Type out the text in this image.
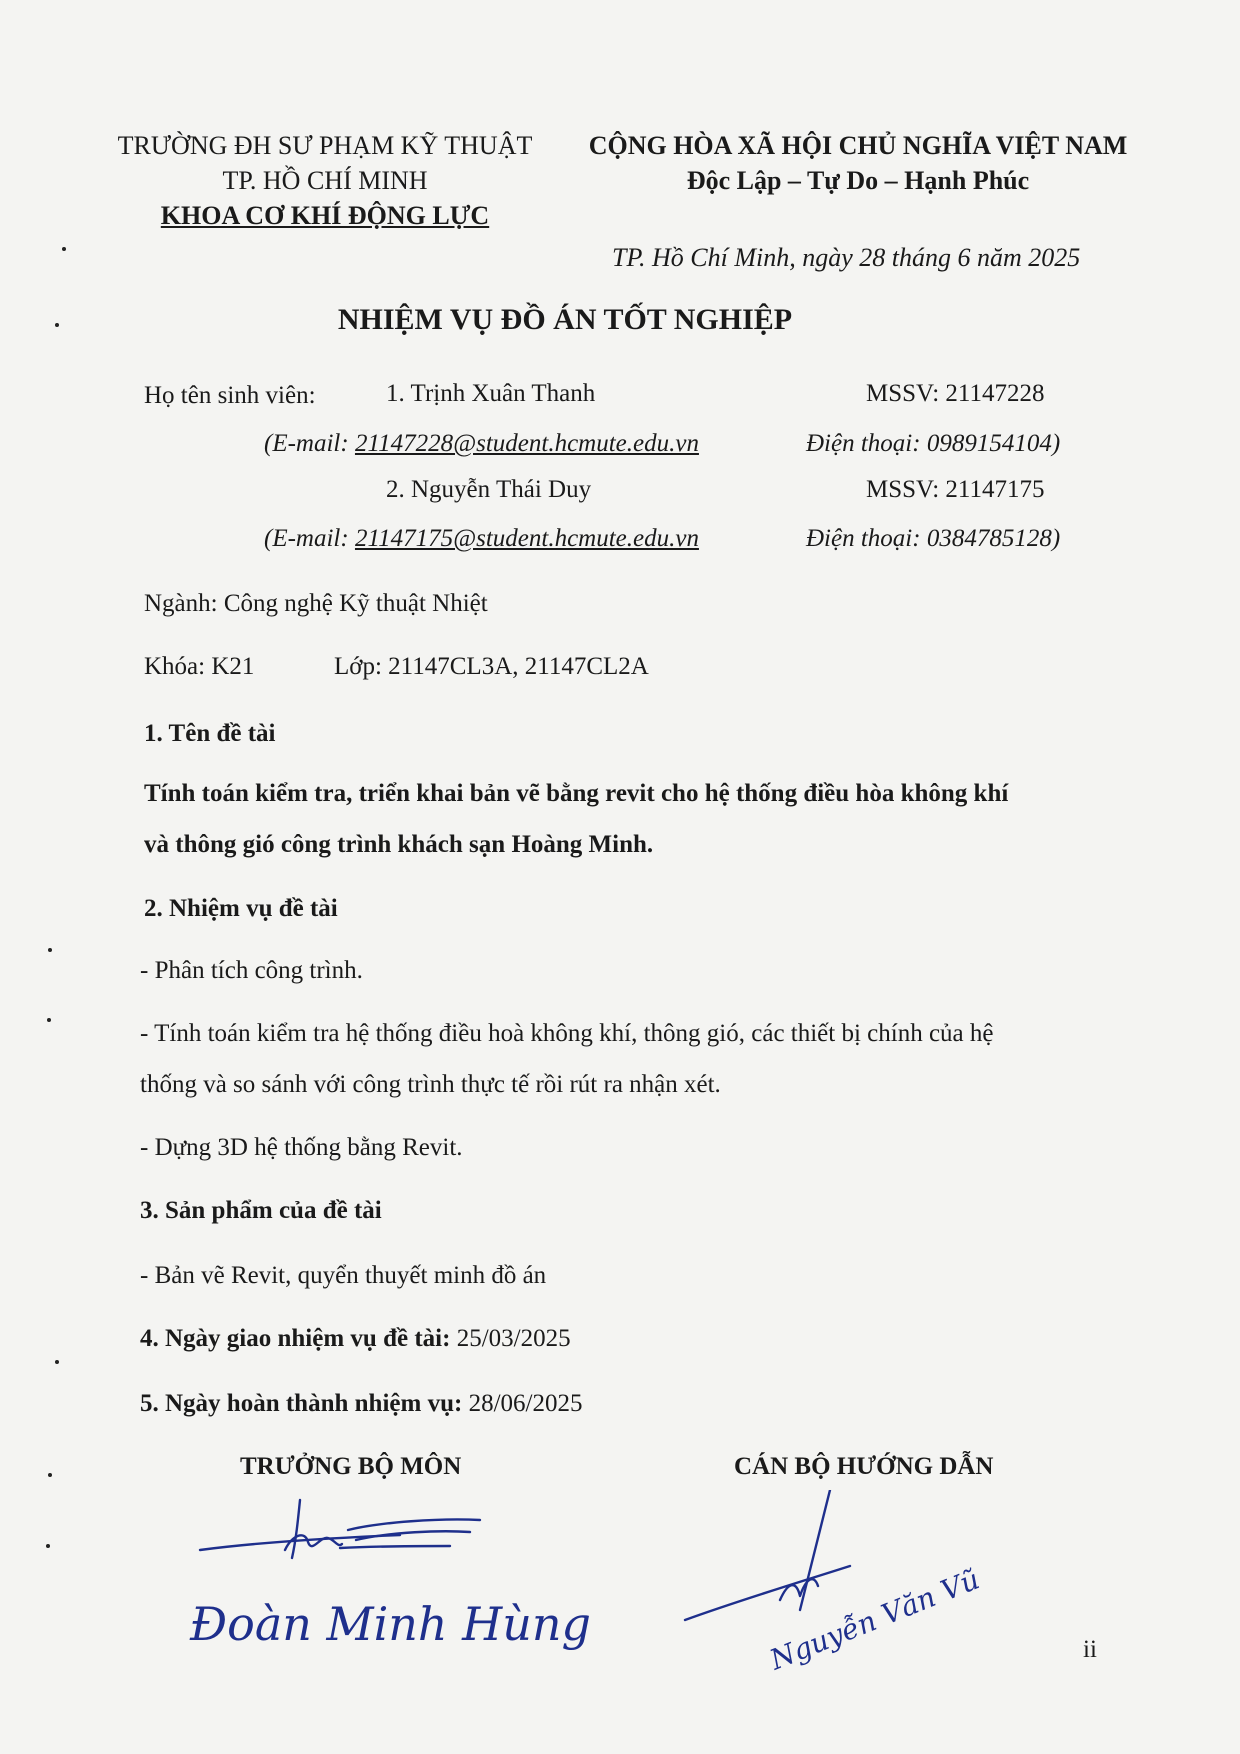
TRƯỜNG ĐH SƯ PHẠM KỸ THUẬT
TP. HỒ CHÍ MINH
KHOA CƠ KHÍ ĐỘNG LỰC
CỘNG HÒA XÃ HỘI CHỦ NGHĨA VIỆT NAM
Độc Lập – Tự Do – Hạnh Phúc
TP. Hồ Chí Minh, ngày 28 tháng 6 năm 2025
NHIỆM VỤ ĐỒ ÁN TỐT NGHIỆP
Họ tên sinh viên:	1. Trịnh Xuân Thanh	MSSV: 21147228
(E-mail: 21147228@student.hcmute.edu.vn	Điện thoại: 0989154104)
2. Nguyễn Thái Duy	MSSV: 21147175
(E-mail: 21147175@student.hcmute.edu.vn	Điện thoại: 0384785128)
Ngành: Công nghệ Kỹ thuật Nhiệt
Khóa: K21	Lớp: 21147CL3A, 21147CL2A
1. Tên đề tài
Tính toán kiểm tra, triển khai bản vẽ bằng revit cho hệ thống điều hòa không khí
và thông gió công trình khách sạn Hoàng Minh.
2. Nhiệm vụ đề tài
- Phân tích công trình.
- Tính toán kiểm tra hệ thống điều hoà không khí, thông gió, các thiết bị chính của hệ
thống và so sánh với công trình thực tế rồi rút ra nhận xét.
- Dựng 3D hệ thống bằng Revit.
3. Sản phẩm của đề tài
- Bản vẽ Revit, quyển thuyết minh đồ án
4. Ngày giao nhiệm vụ đề tài: 25/03/2025
5. Ngày hoàn thành nhiệm vụ: 28/06/2025
TRƯỞNG BỘ MÔN	CÁN BỘ HƯỚNG DẪN
Đoàn Minh Hùng	Nguyễn Văn Vũ	ii
